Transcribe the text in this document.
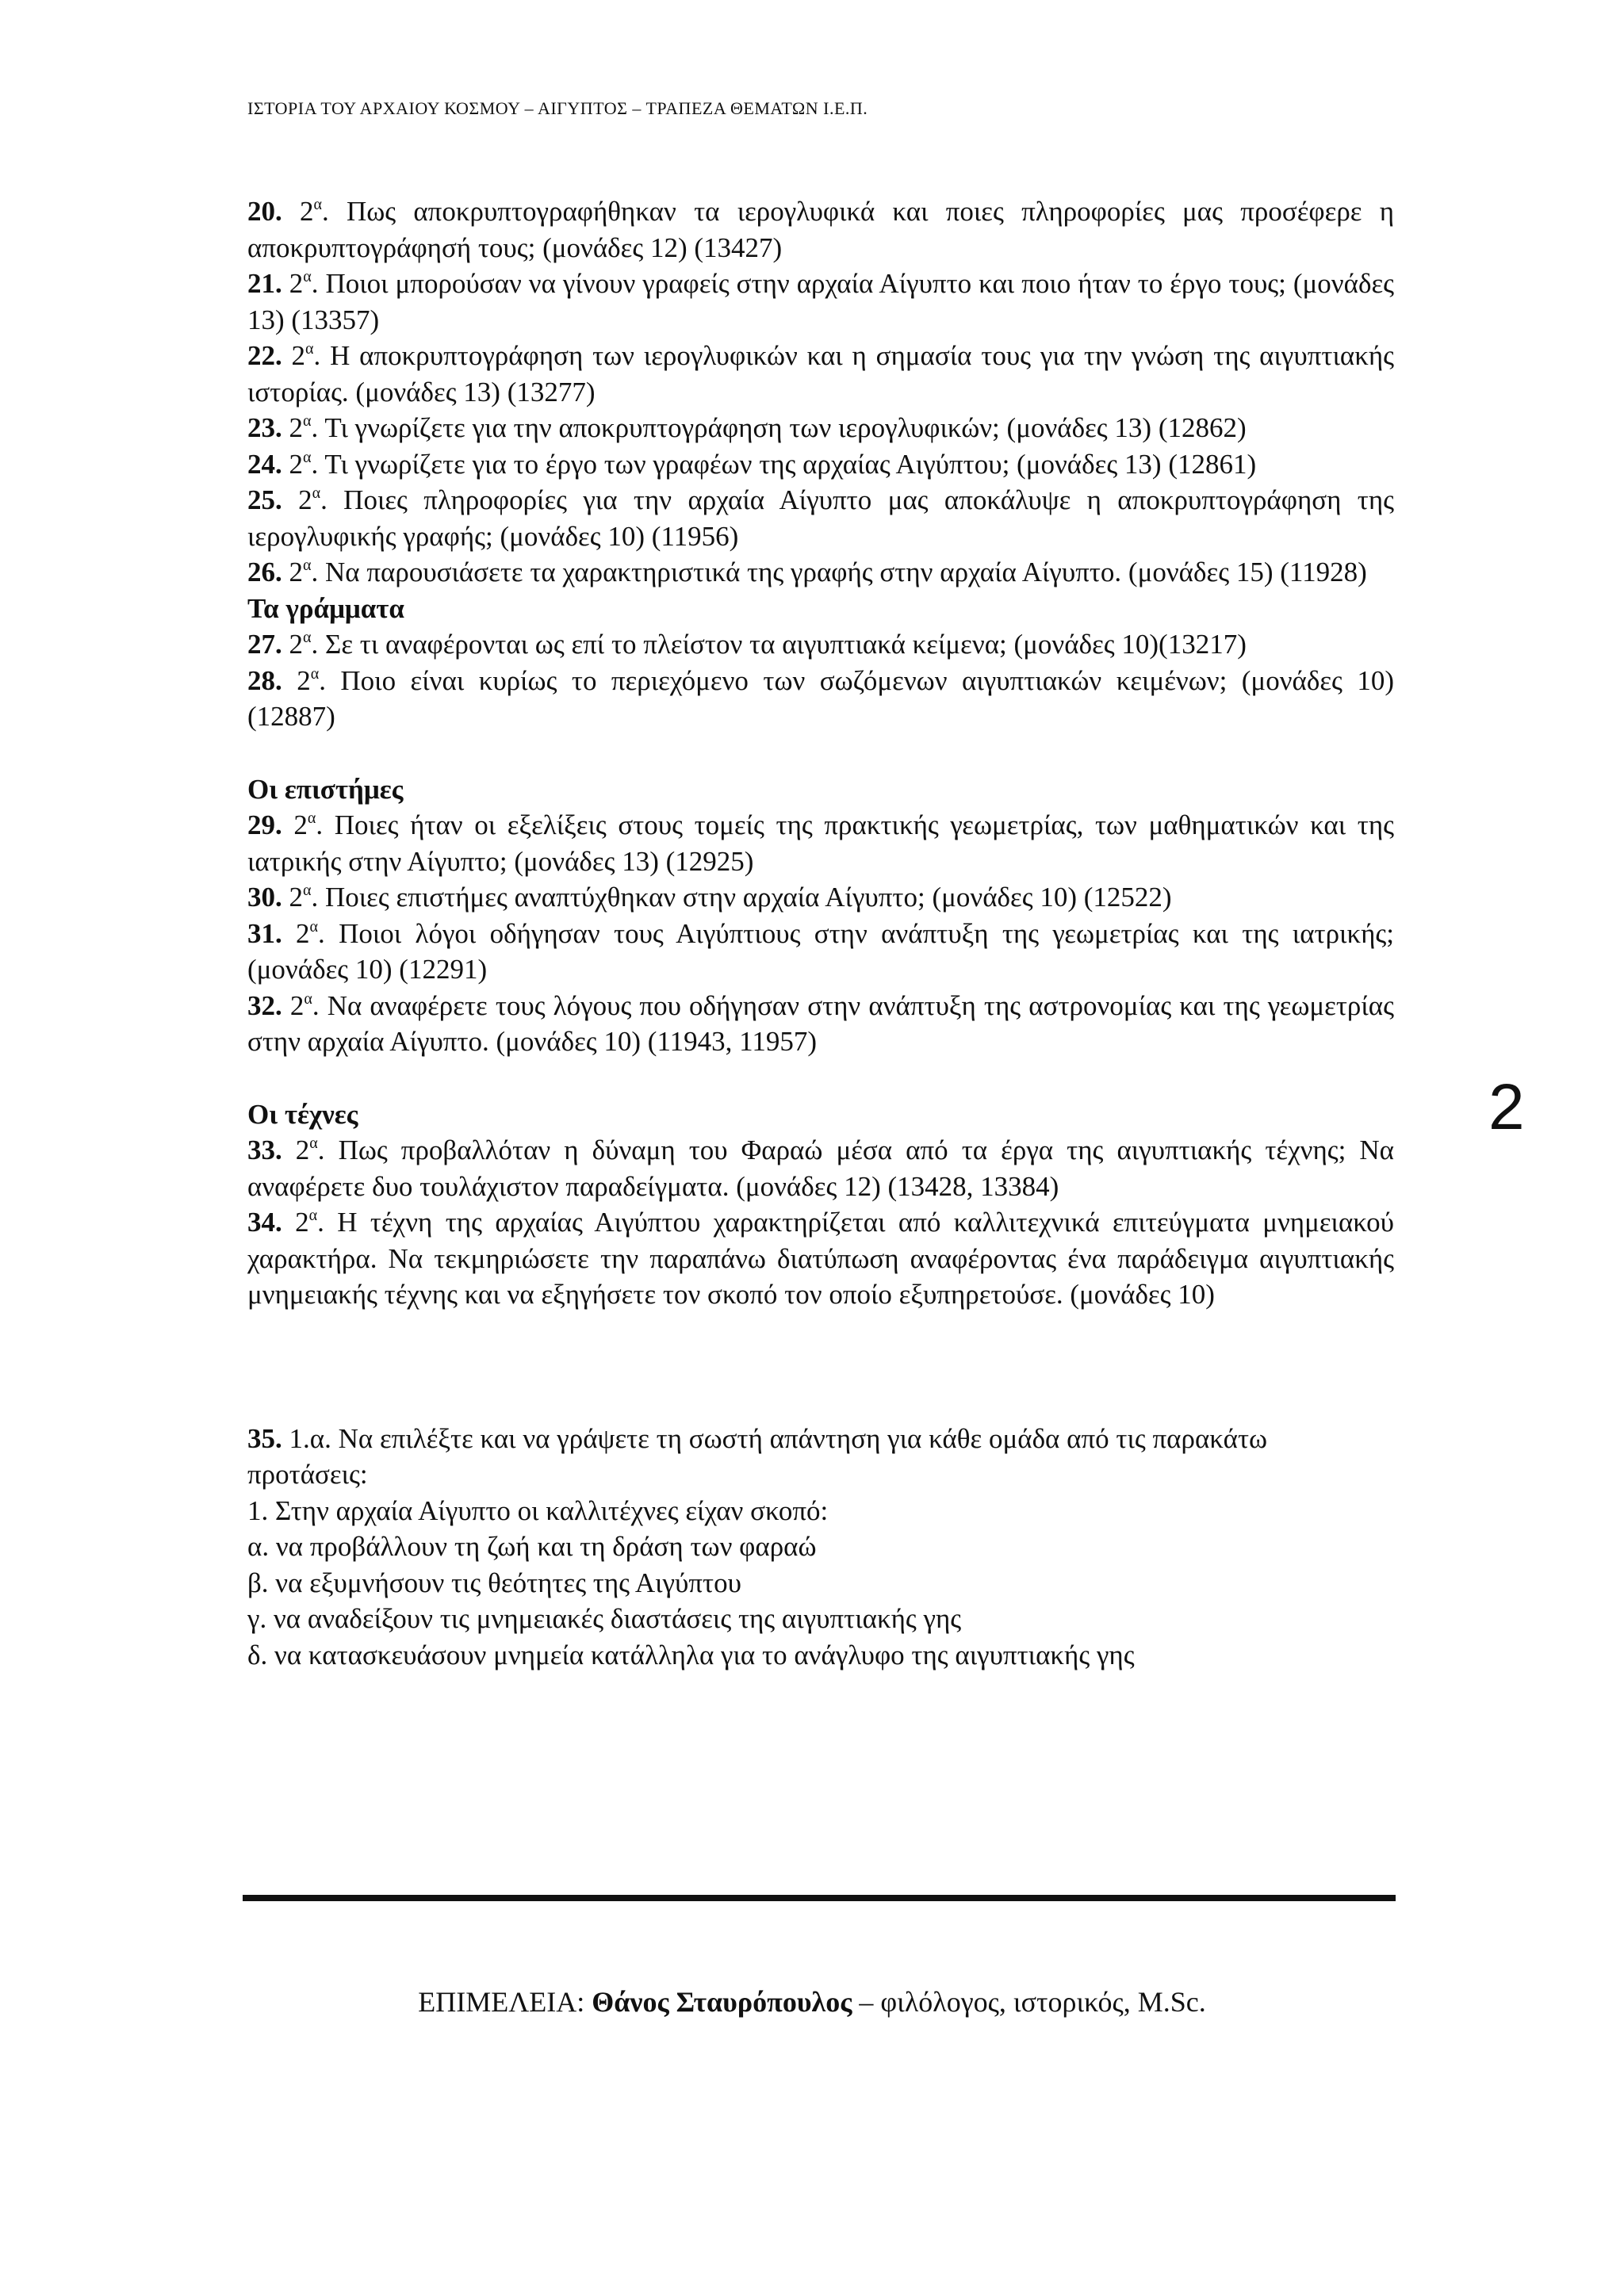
ΙΣΤΟΡΙΑ ΤΟΥ ΑΡΧΑΙΟΥ ΚΟΣΜΟΥ – ΑΙΓΥΠΤΟΣ – ΤΡΑΠΕΖΑ ΘΕΜΑΤΩΝ Ι.Ε.Π.
20. $2^\alpha$. Πως αποκρυπτογραφήθηκαν τα ιερογλυφικά και ποιες πληροφορίες μας προσέφερε η αποκρυπτογράφησή τους; (μονάδες 12) (13427)
21. $2^\alpha$. Ποιοι μπορούσαν να γίνουν γραφείς στην αρχαία Αίγυπτο και ποιο ήταν το έργο τους; (μονάδες 13) (13357)
22. $2^\alpha$. Η αποκρυπτογράφηση των ιερογλυφικών και η σημασία τους για την γνώση της αιγυπτιακής ιστορίας. (μονάδες 13) (13277)
23. $2^\alpha$. Τι γνωρίζετε για την αποκρυπτογράφηση των ιερογλυφικών; (μονάδες 13) (12862)
24. $2^\alpha$. Τι γνωρίζετε για το έργο των γραφέων της αρχαίας Αιγύπτου; (μονάδες 13) (12861)
25. $2^\alpha$. Ποιες πληροφορίες για την αρχαία Αίγυπτο μας αποκάλυψε η αποκρυπτογράφηση της ιερογλυφικής γραφής; (μονάδες 10) (11956)
26. $2^\alpha$. Να παρουσιάσετε τα χαρακτηριστικά της γραφής στην αρχαία Αίγυπτο. (μονάδες 15) (11928)
Τα γράμματα
27. $2^\alpha$. Σε τι αναφέρονται ως επί το πλείστον τα αιγυπτιακά κείμενα; (μονάδες 10)(13217)
28. $2^\alpha$. Ποιο είναι κυρίως το περιεχόμενο των σωζόμενων αιγυπτιακών κειμένων; (μονάδες 10) (12887)
Οι επιστήμες
29. $2^\alpha$. Ποιες ήταν οι εξελίξεις στους τομείς της πρακτικής γεωμετρίας, των μαθηματικών και της ιατρικής στην Αίγυπτο; (μονάδες 13) (12925)
30. $2^\alpha$. Ποιες επιστήμες αναπτύχθηκαν στην αρχαία Αίγυπτο; (μονάδες 10) (12522)
31. $2^\alpha$. Ποιοι λόγοι οδήγησαν τους Αιγύπτιους στην ανάπτυξη της γεωμετρίας και της ιατρικής; (μονάδες 10) (12291)
32. $2^\alpha$. Να αναφέρετε τους λόγους που οδήγησαν στην ανάπτυξη της αστρονομίας και της γεωμετρίας στην αρχαία Αίγυπτο. (μονάδες 10) (11943, 11957)
Οι τέχνες
33. $2^\alpha$. Πως προβαλλόταν η δύναμη του Φαραώ μέσα από τα έργα της αιγυπτιακής τέχνης; Να αναφέρετε δυο τουλάχιστον παραδείγματα. (μονάδες 12) (13428, 13384)
34. $2^\alpha$. Η τέχνη της αρχαίας Αιγύπτου χαρακτηρίζεται από καλλιτεχνικά επιτεύγματα μνημειακού χαρακτήρα. Να τεκμηριώσετε την παραπάνω διατύπωση αναφέροντας ένα παράδειγμα αιγυπτιακής μνημειακής τέχνης και να εξηγήσετε τον σκοπό τον οποίο εξυπηρετούσε. (μονάδες 10)
35. 1.α. Να επιλέξτε και να γράψετε τη σωστή απάντηση για κάθε ομάδα από τις παρακάτω προτάσεις:
1. Στην αρχαία Αίγυπτο οι καλλιτέχνες είχαν σκοπό:
α. να προβάλλουν τη ζωή και τη δράση των φαραώ
β. να εξυμνήσουν τις θεότητες της Αιγύπτου
γ. να αναδείξουν τις μνημειακές διαστάσεις της αιγυπτιακής γης
δ. να κατασκευάσουν μνημεία κατάλληλα για το ανάγλυφο της αιγυπτιακής γης
2
ΕΠΙΜΕΛΕΙΑ: Θάνος Σταυρόπουλος – φιλόλογος, ιστορικός, M.Sc.
